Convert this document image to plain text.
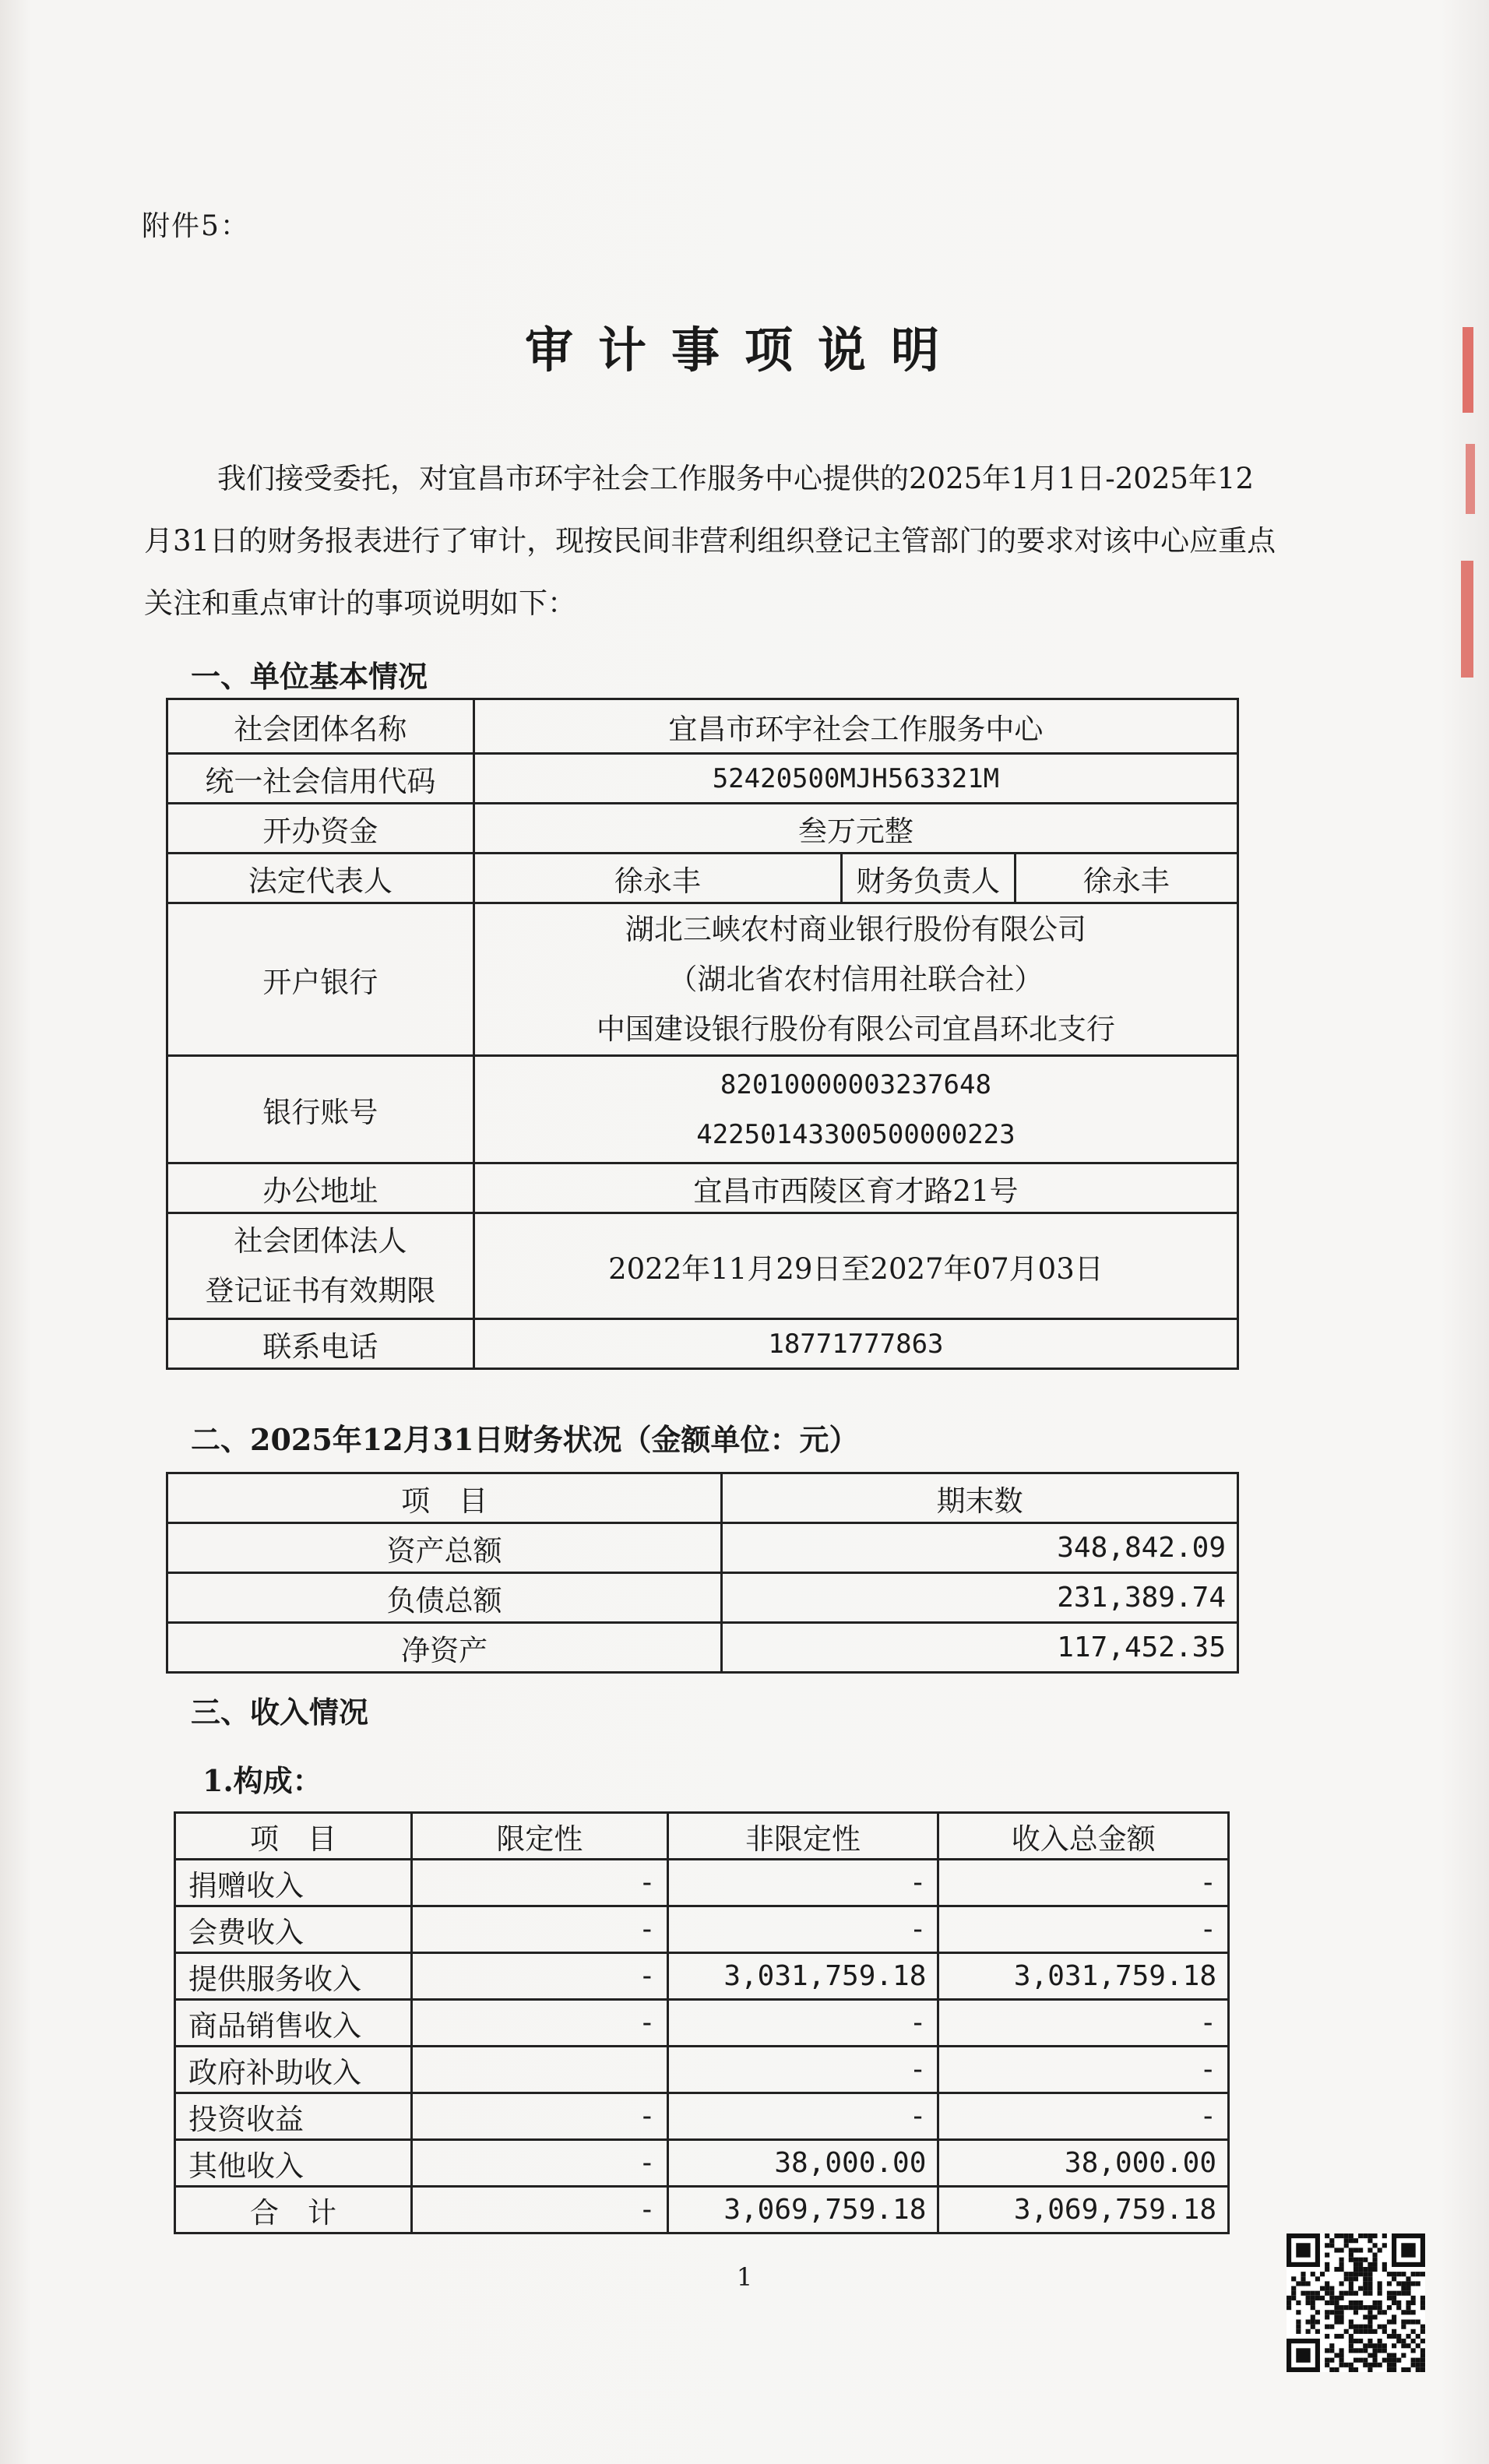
附件5：
审计事项说明
我们接受委托，对宜昌市环宇社会工作服务中心提供的2025年1月1日-2025年12月31日的财务报表进行了审计，现按民间非营利组织登记主管部门的要求对该中心应重点关注和重点审计的事项说明如下：
一、单位基本情况
社会团体名称	宜昌市环宇社会工作服务中心		
统一社会信用代码	52420500MJH563321M		
开办资金	叁万元整		
法定代表人	徐永丰	财务负责人	徐永丰
开户银行	湖北三峡农村商业银行股份有限公司
（湖北省农村信用社联合社）
中国建设银行股份有限公司宜昌环北支行		

银行账号	82010000003237648
42250143300500000223		

办公地址	宜昌市西陵区育才路21号		

社会团体法人
登记证书有效期限	2022年11月29日至2027年07月03日		
联系电话	18771777863		
二、2025年12月31日财务状况（金额单位：元）
项　目	期末数
资产总额	348,842.09
负债总额	231,389.74
净资产	117,452.35
三、收入情况
1.构成：
项　目	限定性	非限定性	收入总金额
捐赠收入	-	-	-
会费收入	-	-	-
提供服务收入	-	3,031,759.18	3,031,759.18
商品销售收入	-	-	-
政府补助收入		-	-
投资收益	-	-	-
其他收入	-	38,000.00	38,000.00
合　计	-	3,069,759.18	3,069,759.18
1
